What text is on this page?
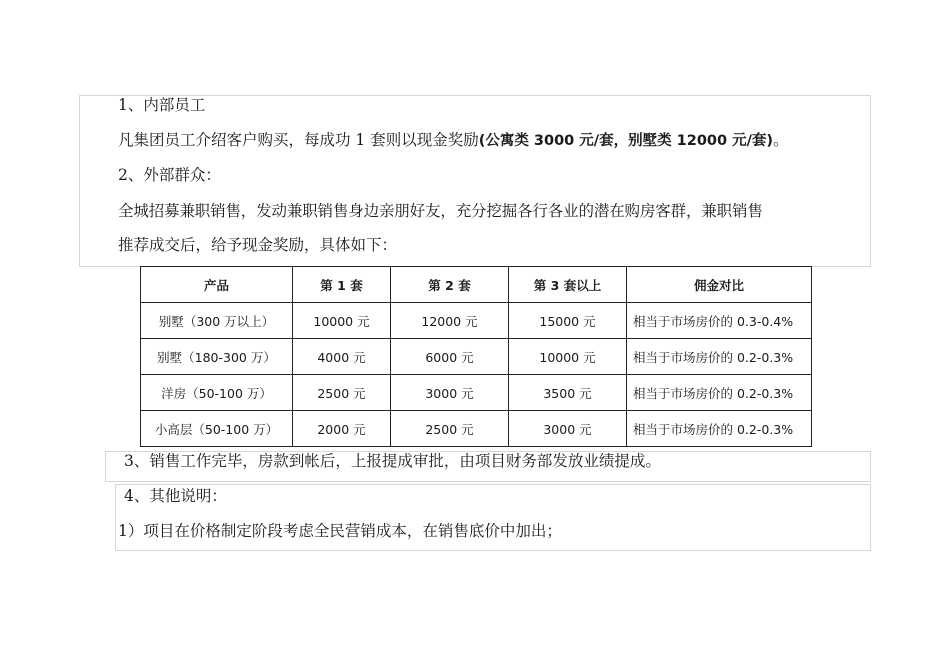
1、内部员工
凡集团员工介绍客户购买，每成功 1 套则以现金奖励(公寓类 3000 元/套，别墅类 12000 元/套)。
2、外部群众：
全城招募兼职销售，发动兼职销售身边亲朋好友，充分挖掘各行各业的潜在购房客群，兼职销售
推荐成交后，给予现金奖励，具体如下：
产品	第 1 套	第 2 套	第 3 套以上	佣金对比
别墅（300 万以上）	10000 元	12000 元	15000 元	相当于市场房价的 0.3-0.4%
别墅（180-300 万）	4000 元	6000 元	10000 元	相当于市场房价的 0.2-0.3%
洋房（50-100 万）	2500 元	3000 元	3500 元	相当于市场房价的 0.2-0.3%
小高层（50-100 万）	2000 元	2500 元	3000 元	相当于市场房价的 0.2-0.3%
3、销售工作完毕，房款到帐后，上报提成审批，由项目财务部发放业绩提成。
4、其他说明：
1）项目在价格制定阶段考虑全民营销成本，在销售底价中加出；
